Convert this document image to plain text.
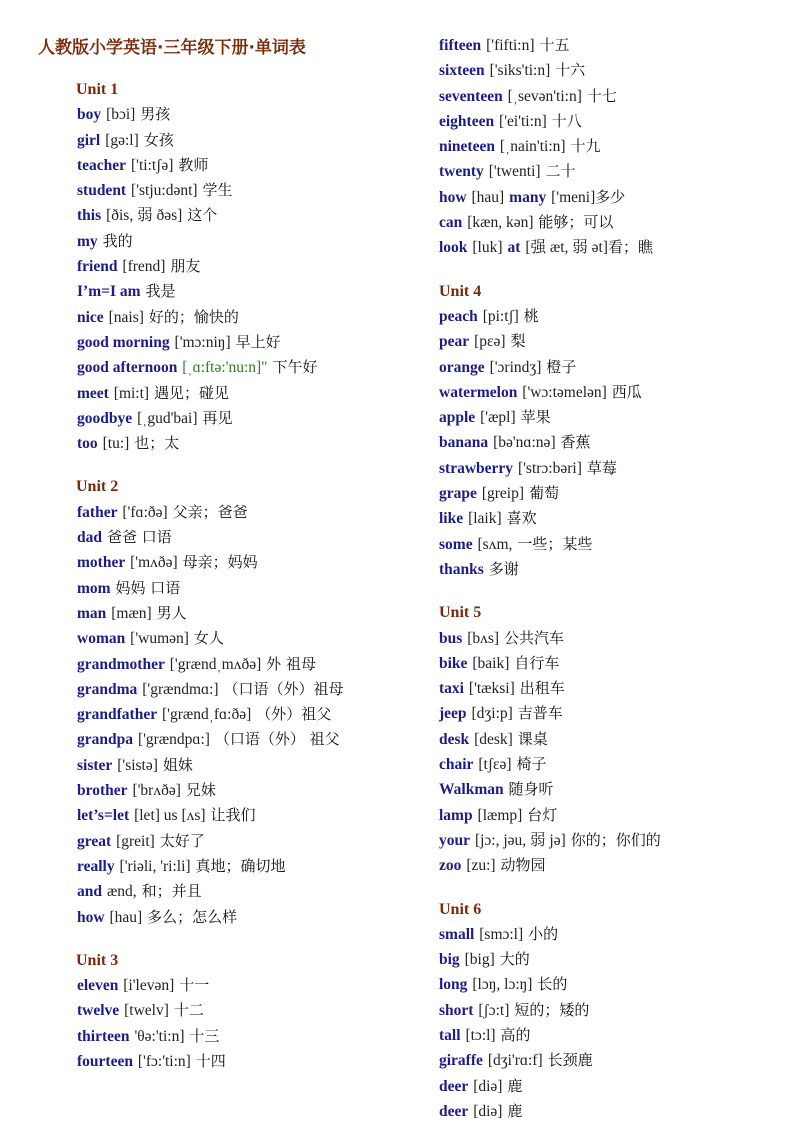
人教版小学英语·三年级下册·单词表
Unit 1
boy [bɔi] 男孩
girl [gə:l] 女孩
teacher ['ti:tʃə] 教师
student ['stju:dənt] 学生
this [ðis, 弱 ðəs] 这个
my 我的
friend [frend] 朋友
I’m=I am 我是
nice [nais] 好的；愉快的
good morning ['mɔ:niŋ] 早上好
good afternoon [ˌɑ:ftə:'nu:n]" 下午好
meet [mi:t] 遇见；碰见
goodbye [ˌgud'bai] 再见
too [tu:] 也；太
Unit 2
father ['fɑ:ðə] 父亲；爸爸
dad 爸爸 口语
mother ['mʌðə] 母亲；妈妈
mom 妈妈 口语
man [mæn] 男人
woman ['wumən] 女人
grandmother ['grændˌmʌðə] 外 祖母
grandma ['grændmɑ:] （口语（外）祖母
grandfather ['grændˌfɑ:ðə] （外）祖父
grandpa ['grændpɑ:] （口语（外） 祖父
sister ['sistə] 姐妹
brother ['brʌðə] 兄妹
let’s=let [let] us [ʌs] 让我们
great [greit] 太好了
really ['riəli, 'ri:li] 真地；确切地
and ænd, 和；并且
how [hau] 多么；怎么样
Unit 3
eleven [i'levən] 十一
twelve [twelv] 十二
thirteen 'θə:'ti:n] 十三
fourteen ['fɔ:'ti:n] 十四
fifteen ['fifti:n] 十五
sixteen ['siks'ti:n] 十六
seventeen [ˌsevən'ti:n] 十七
eighteen ['ei'ti:n] 十八
nineteen [ˌnain'ti:n] 十九
twenty ['twenti] 二十
how [hau] many ['meni]多少
can [kæn, kən] 能够；可以
look [luk] at [强 æt, 弱 ət]看；瞧
Unit 4
peach [pi:tʃ] 桃
pear [pɛə] 梨
orange ['ɔrindʒ] 橙子
watermelon ['wɔ:təmelən] 西瓜
apple ['æpl] 苹果
banana [bə'nɑ:nə] 香蕉
strawberry ['strɔ:bəri] 草莓
grape [greip] 葡萄
like [laik] 喜欢
some [sʌm, 一些；某些
thanks 多谢
Unit 5
bus [bʌs] 公共汽车
bike [baik] 自行车
taxi ['tæksi] 出租车
jeep [dʒi:p] 吉普车
desk [desk] 课桌
chair [tʃɛə] 椅子
Walkman 随身听
lamp [læmp] 台灯
your [jɔ:, jəu, 弱 jə] 你的；你们的
zoo [zu:] 动物园
Unit 6
small [smɔ:l] 小的
big [big] 大的
long [lɔŋ, lɔ:ŋ] 长的
short [ʃɔ:t] 短的；矮的
tall [tɔ:l] 高的
giraffe [dʒi'rɑ:f] 长颈鹿
deer [diə] 鹿
deer [diə] 鹿
